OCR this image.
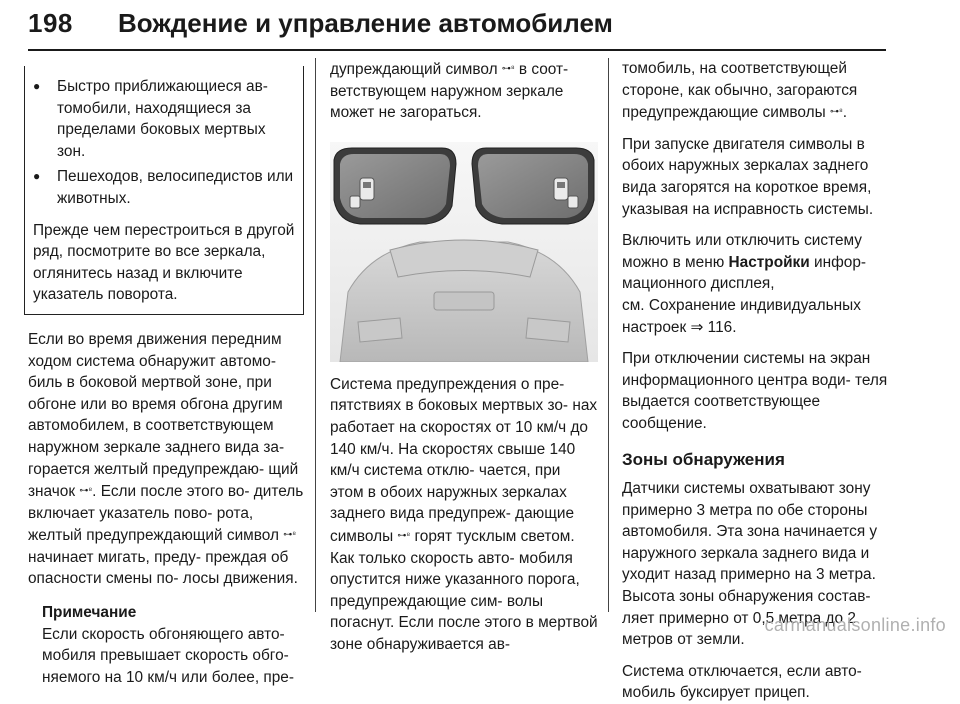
198 Вождение и управление автомобилем
● Быстро приближающиеся ав- томобили, находящиеся за пределами боковых мертвых зон.
● Пешеходов, велосипедистов или животных.

Прежде чем перестроиться в другой ряд, посмотрите во все зеркала, оглянитесь назад и включите указатель поворота.

Если во время движения передним ходом система обнаружит автомо- биль в боковой мертвой зоне, при обгоне или во время обгона другим автомобилем, в соответствующем наружном зеркале заднего вида за- горается желтый предупреждаю- щий значок ⊶⁸. Если после этого во- дитель включает указатель пово- рота, желтый предупреждающий символ ⊶⁸ начинает мигать, преду- преждая об опасности смены по- лосы движения.

Примечание

Если скорость обгоняющего авто- мобиля превышает скорость обго- няемого на 10 км/ч или более, пре-

дупреждающий символ ⊶⁸ в соот- ветствующем наружном зеркале может не загораться.

Система предупреждения о пре- пятствиях в боковых мертвых зо- нах работает на скоростях от 10 км/ч до 140 км/ч. На скоростях свыше 140 км/ч система отклю- чается, при этом в обоих наружных зеркалах заднего вида предупреж- дающие символы ⊶⁸ горят тусклым светом. Как только скорость авто- мобиля опустится ниже указанного порога, предупреждающие сим- волы погаснут. Если после этого в мертвой зоне обнаруживается ав-

томобиль, на соответствующей стороне, как обычно, загораются предупреждающие символы ⊶⁸.

При запуске двигателя символы в обоих наружных зеркалах заднего вида загорятся на короткое время, указывая на исправность системы.

Включить или отключить систему можно в меню Настройки инфор- мационного дисплея,
см. Сохранение индивидуальных настроек ⇒ 116.

При отключении системы на экран информационного центра води- теля выдается соответствующее сообщение.

Зоны обнаружения

Датчики системы охватывают зону примерно 3 метра по обе стороны автомобиля. Эта зона начинается у наружного зеркала заднего вида и уходит назад примерно на 3 метра. Высота зоны обнаружения состав- ляет примерно от 0,5 метра до 2 метров от земли.

Система отключается, если авто- мобиль буксирует прицеп.

carmanualsonline.info
